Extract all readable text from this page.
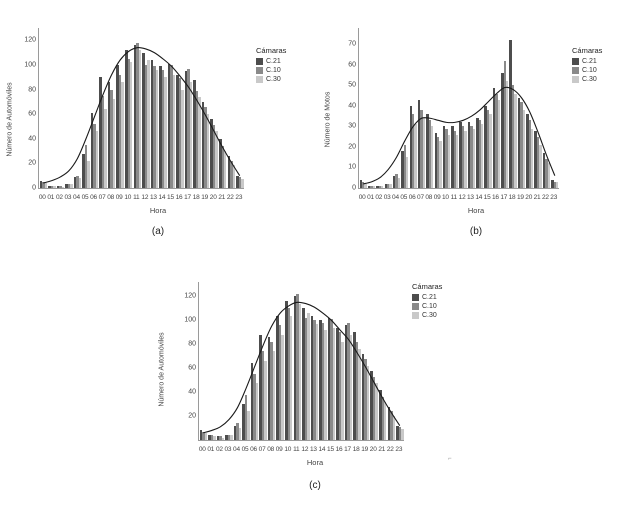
Número de Automóviles
0
20
40
60
80
100
120
00 01 02 03 04 05 06 07 08 09 10 11 12 13 14 15 16 17 18 19 20 21 22 23
Hora
Cámaras
C.21
C.10
C.30
(a)
Número de Motos
0
10
20
30
40
50
60
70
00 01 02 03 04 05 06 07 08 09 10 11 12 13 14 15 16 17 18 19 20 21 22 23
Hora
Cámaras
C.21
C.10
C.30
(b)
Número de Automóviles
20
40
60
80
100
120
00 01 02 03 04 05 06 07 08 09 10 11 12 13 14 15 16 17 18 19 20 21 22 23
Hora
Cámaras
C.21
C.10
C.30
(c)
⌐
